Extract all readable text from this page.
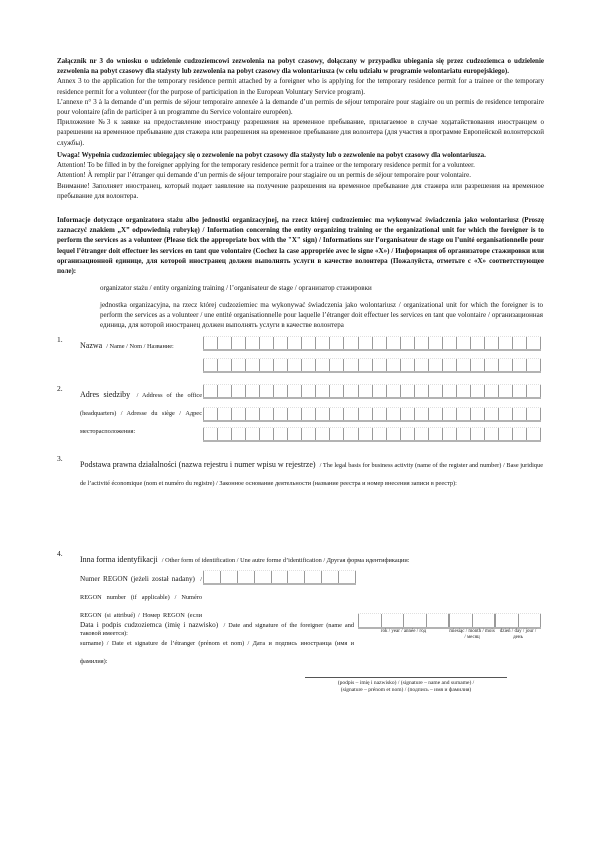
Załącznik nr 3 do wniosku o udzielenie cudzoziemcowi zezwolenia na pobyt czasowy, dołączany w przypadku ubiegania się przez cudzoziemca o udzielenie zezwolenia na pobyt czasowy dla stażysty lub zezwolenia na pobyt czasowy dla wolontariusza (w celu udziału w programie wolontariatu europejskiego).

Annex 3 to the application for the temporary residence permit attached by a foreigner who is applying for the temporary residence permit for a trainee or the temporary residence permit for a volunteer (for the purpose of participation in the European Voluntary Service program).

L’annexe n° 3 à la demande d’un permis de séjour temporaire annexée à la demande d’un permis de séjour temporaire pour stagiaire ou un permis de residence temporaire pour volontaire (afin de participer à un programme du Service volontaire européen).

Приложение №3 к заявке на предоставление иностранцу разрешения на временное пребывание, прилагаемое в случае ходатайствования иностранцем о разрешении на временное пребывание для стажера или разрешения на временное пребывание для волонтера (для участия в программе Европейской волонтерской службы).

Uwaga! Wypełnia cudzoziemiec ubiegający się o zezwolenie na pobyt czasowy dla stażysty lub o zezwolenie na pobyt czasowy dla wolontariusza.

Attention! To be filled in by the foreigner applying for the temporary residence permit for a trainee or the temporary residence permit for a volunteer.

Attention! À remplir par l’étranger qui demande d’un permis de séjour temporaire pour stagiaire ou un permis de séjour temporaire pour volontaire.

Внимание! Заполняет иностранец, который подает заявление на получение разрешения на временное пребывание для стажера или разрешения на временное пребывание для волонтера.

Informacje dotyczące organizatora stażu albo jednostki organizacyjnej, na rzecz której cudzoziemiec ma wykonywać świadczenia jako wolontariusz (Proszę zaznaczyć znakiem „X” odpowiednią rubrykę) / Information concerning the entity organizing training or the organizational unit for which the foreigner is to perform the services as a volunteer (Please tick the appropriate box with the "X" sign) / Informations sur l’organisateur de stage ou l’unité organisationnelle pour lequel l’étranger doit effectuer les services en tant que volontaire (Cochez la case appropriée avec le signe «X») / Информация об организаторе стажировки или организационной единице, для которой иностранец должен выполнять услуги в качестве волонтера (Пожалуйста, отметьте с «X» соответствующее поле):

organizator stażu / entity organizing training / l’organisateur de stage / организатор стажировки
jednostka organizacyjna, na rzecz której cudzoziemiec ma wykonywać świadczenia jako wolontariusz / organizational unit for which the foreigner is to perform the services as a volunteer / une entité organisationnelle pour laquelle l’étranger doit effectuer les services en tant que volontaire / организационная единица, для которой иностранец должен выполнять услуги в качестве волонтера
1.

Nazwa / Name / Nom / Название:

2.

Adres siedziby / Address of the office (headquarters) / Adresse du siège / Адрес месторасположения:

3.

Podstawa prawna działalności (nazwa rejestru i numer wpisu w rejestrze) / The legal basis for business activity (name of the register and number) / Base juridique de l’activité économique (nom et numéro du registre) / Законное основание деятельности (название реестра и номер внесения записи в реестр):

4.

Inna forma identyfikacji / Other form of identification / Une autre forme d’identification / Другая форма идентификации:

Numer REGON (jeżeli został nadany) / REGON number (if applicable) / Numéro REGON (si attribué) / Номер REGON (если таковой имеется):

Data i podpis cudzoziemca (imię i nazwisko) / Date and signature of the foreigner (name and surname) / Date et signature de l’étranger (prénom et nom) / Дата и подпись иностранца (имя и фамилия):

rok / year / année / год	miesiąc / month / mois / месяц
dzień / day / jour / день
(podpis – imię i nazwisko) / (signature – name and surname) /
(signature – prénom et nom) / (подпись – имя и фамилия)
